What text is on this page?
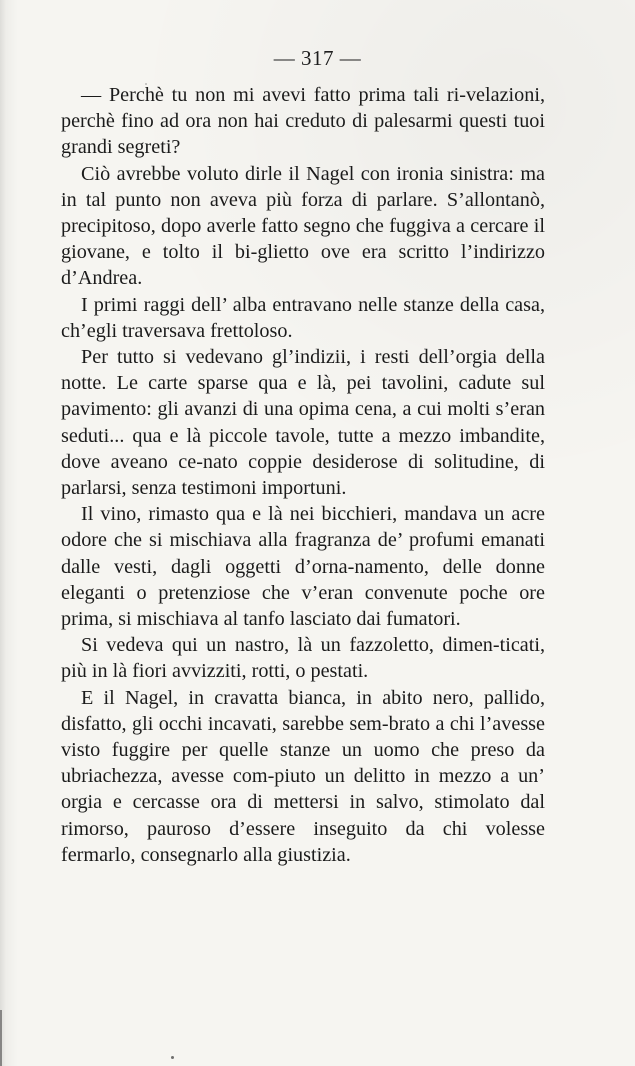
— 317 —

— Perchè tu non mi avevi fatto prima tali ri-velazioni, perchè fino ad ora non hai creduto di palesarmi questi tuoi grandi segreti?

Ciò avrebbe voluto dirle il Nagel con ironia sinistra: ma in tal punto non aveva più forza di parlare. S’allontanò, precipitoso, dopo averle fatto segno che fuggiva a cercare il giovane, e tolto il bi-glietto ove era scritto l’indirizzo d’Andrea.

I primi raggi dell’ alba entravano nelle stanze della casa, ch’egli traversava frettoloso.

Per tutto si vedevano gl’indizii, i resti dell’orgia della notte. Le carte sparse qua e là, pei tavolini, cadute sul pavimento: gli avanzi di una opima cena, a cui molti s’eran seduti... qua e là piccole tavole, tutte a mezzo imbandite, dove aveano ce-nato coppie desiderose di solitudine, di parlarsi, senza testimoni importuni.

Il vino, rimasto qua e là nei bicchieri, mandava un acre odore che si mischiava alla fragranza de’ profumi emanati dalle vesti, dagli oggetti d’orna-namento, delle donne eleganti o pretenziose che v’eran convenute poche ore prima, si mischiava al tanfo lasciato dai fumatori.

Si vedeva qui un nastro, là un fazzoletto, dimen-ticati, più in là fiori avvizziti, rotti, o pestati.

E il Nagel, in cravatta bianca, in abito nero, pallido, disfatto, gli occhi incavati, sarebbe sem-brato a chi l’avesse visto fuggire per quelle stanze un uomo che preso da ubriachezza, avesse com-piuto un delitto in mezzo a un’ orgia e cercasse ora di mettersi in salvo, stimolato dal rimorso, pauroso d’essere inseguito da chi volesse fermarlo, consegnarlo alla giustizia.
